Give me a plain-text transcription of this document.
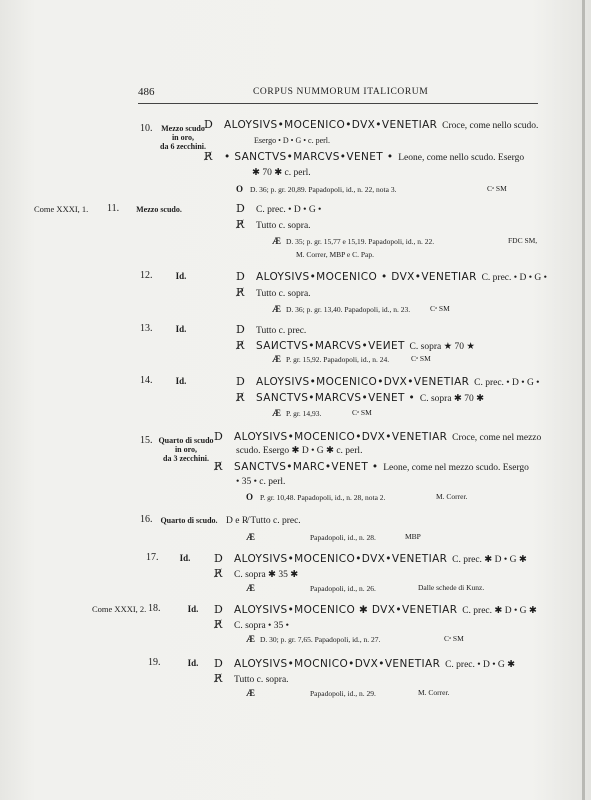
486	CORPUS NUMMORUM ITALICORUM
10.	Mezzo scudo
in oro,
da 6 zecchini.
D ALOYSIVS•MOCENICO•DVX•VENETIAR Croce, come nello scudo.
Esergo • D • G • c. perl.
R̸ • SANCTVS•MARCVS•VENET • Leone, come nello scudo. Esergo
✱ 70 ✱ c. perl.
O D. 36; p. gr. 20,89. Papadopoli, id., n. 22, nota 3.	Cᵃ SM
Come XXXI, 1. 11.	Mezzo scudo.	D C. prec. • D • G •
R̸ Tutto c. sopra.
Æ D. 35; p. gr. 15,77 e 15,19. Papadopoli, id., n. 22.	FDC SM,
M. Correr, MBP e C. Pap.
12.	Id.	D ALOYSIVS•MOCENICO • DVX•VENETIAR C. prec. • D • G •
R̸ Tutto c. sopra.
Æ D. 36; p. gr. 13,40. Papadopoli, id., n. 23.	Cᵃ SM
13.	Id.	D Tutto c. prec.
R̸ SAИCTVS•MARCVS•VEИET C. sopra ★ 70 ★
Æ P. gr. 15,92. Papadopoli, id., n. 24.	Cᵃ SM
14.	Id.	D ALOYSIVS•MOCENICO•DVX•VENETIAR C. prec. • D • G •
R̸ SANCTVS•MARCVS•VENET • C. sopra ✱ 70 ✱
Æ P. gr. 14,93.	Cᵃ SM
15. Quarto di scudo
in oro,
da 3 zecchini.
D ALOYSIVS•MOCENICO•DVX•VENETIAR Croce, come nel mezzo
scudo. Esergo ✱ D • G ✱ c. perl.
R̸ SANCTVS•MARC•VENET • Leone, come nel mezzo scudo. Esergo
• 35 • c. perl.
O P. gr. 10,48. Papadopoli, id., n. 28, nota 2.	M. Correr.
16. Quarto di scudo. D e R̸ Tutto c. prec.
Æ	Papadopoli, id., n. 28.	MBP
17.	Id.	D ALOYSIVS•MOCENICO•DVX•VENETIAR C. prec. ✱ D • G ✱
R̸ C. sopra ✱ 35 ✱
Æ	Papadopoli, id., n. 26.	Dalle schede di Kunz.
Come XXXI, 2. 18.	Id.	D ALOYSIVS•MOCENICO ✱ DVX•VENETIAR C. prec. ✱ D • G ✱
R̸ C. sopra • 35 •
Æ D. 30; p. gr. 7,65. Papadopoli, id., n. 27.	Cᵃ SM
19.	Id.	D ALOYSIVS•MOCNICO•DVX•VENETIAR C. prec. • D • G ✱
R̸ Tutto c. sopra.
Æ	Papadopoli, id., n. 29.	M. Correr.
